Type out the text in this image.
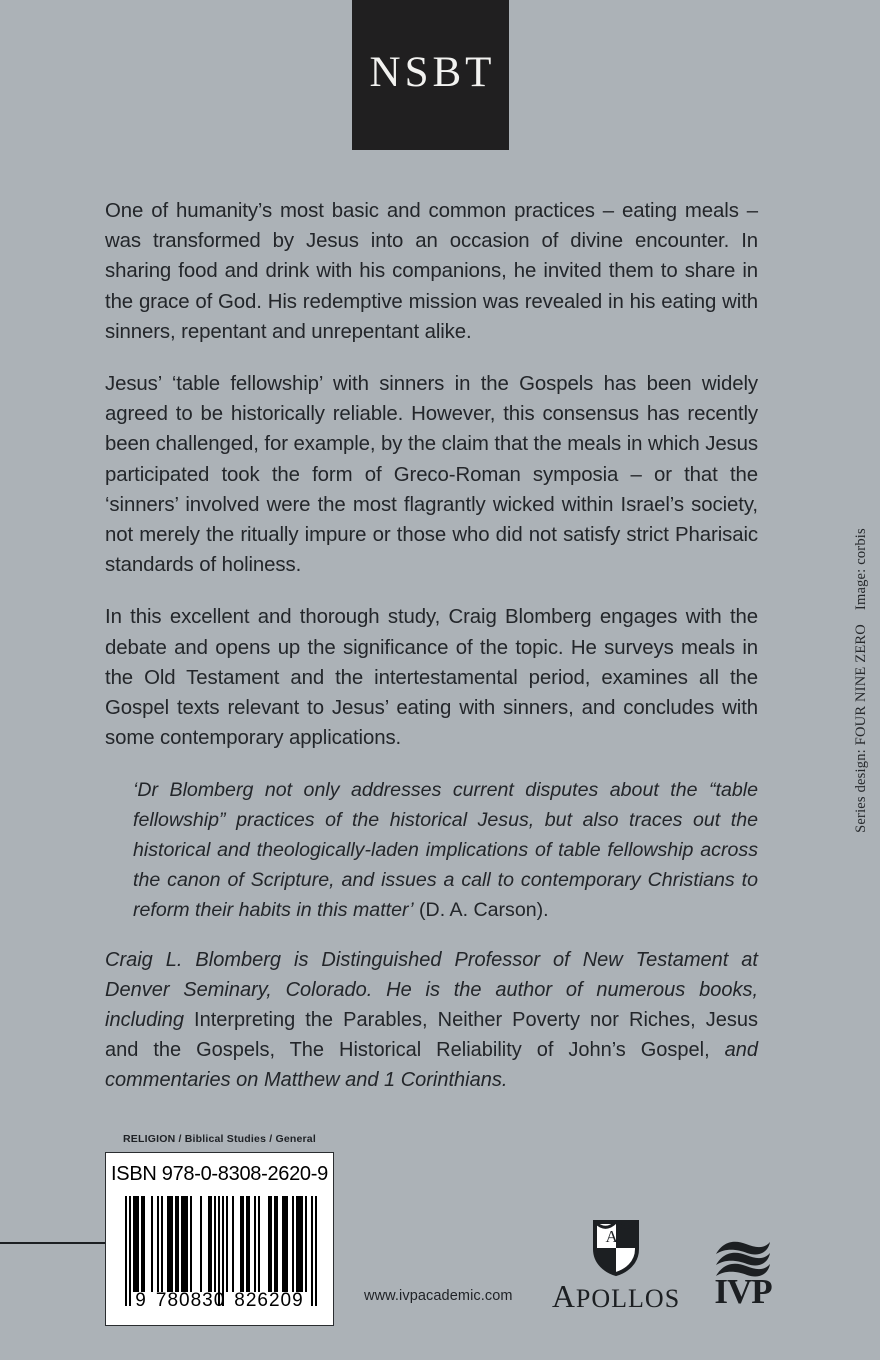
NSBT

One of humanity’s most basic and common practices – eating meals – was transformed by Jesus into an occasion of divine encounter. In sharing food and drink with his companions, he invited them to share in the grace of God. His redemptive mission was revealed in his eating with sinners, repentant and unrepentant alike.

Jesus’ ‘table fellowship’ with sinners in the Gospels has been widely agreed to be historically reliable. However, this consensus has recently been challenged, for example, by the claim that the meals in which Jesus participated took the form of Greco-Roman symposia – or that the ‘sinners’ involved were the most flagrantly wicked within Israel’s society, not merely the ritually impure or those who did not satisfy strict Pharisaic standards of holiness.

In this excellent and thorough study, Craig Blomberg engages with the debate and opens up the significance of the topic. He surveys meals in the Old Testament and the intertestamental period, examines all the Gospel texts relevant to Jesus’ eating with sinners, and concludes with some contemporary applications.

‘Dr Blomberg not only addresses current disputes about the “table fellowship” practices of the historical Jesus, but also traces out the historical and theologically-laden implications of table fellowship across the canon of Scripture, and issues a call to contemporary Christians to reform their habits in this matter’ (D. A. Carson).
Craig L. Blomberg is Distinguished Professor of New Testament at Denver Seminary, Colorado. He is the author of numerous books, including Interpreting the Parables, Neither Poverty nor Riches, Jesus and the Gospels, The Historical Reliability of John’s Gospel, and commentaries on Matthew and 1 Corinthians.
Series design: FOUR NINE ZEROImage: corbis
RELIGION / Biblical Studies / General
ISBN 978-0-8308-2620-9
9 780830 826209	www.ivpacademic.com
A
APOLLOS IVP
